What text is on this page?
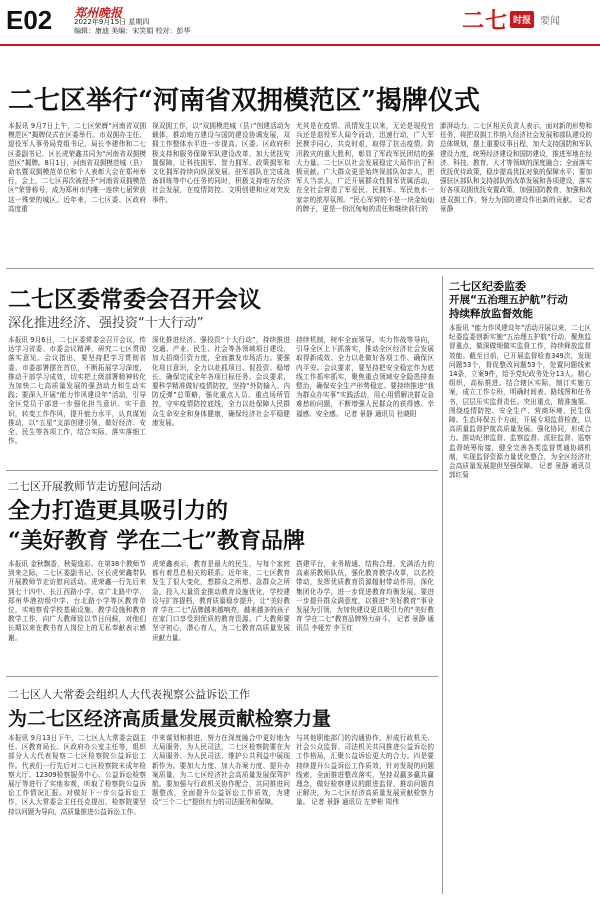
E02 郑州晚报
2022年9月15日 星期四
编辑：康迪 美编：宋笑娟 校对：彭华	二七 时报 要闻
二七区举行“河南省双拥模范区”揭牌仪式
本报讯 9月7日上午，二七区荣膺“河南省双拥模范区”揭牌仪式在区委举行。市双拥办主任、退役军人事务局党组书记、局长李建伟和二七区委副书记、区长虎荣鑫共同为“河南省双拥模范区”揭牌。8月1日，河南省双拥模范城（县）命名暨双拥模范单位和个人表彰大会在郑州举行，会上，二七区再次被授予“河南省双拥模范区”荣誉称号，成为郑州市内唯一连续七届荣获这一殊荣的城区。近年来，二七区委、区政府高度重
视双拥工作，以“双拥模范城（县）”创建活动为载体，推动地方建设与国防建设协调发展，双拥工作整体水平进一步提高。区委、区政府积极支持和服务保障军队建设改革，加大优抚安置保障，让科技拥军、智力拥军、政策拥军和文化拥军持续向纵深发展。驻军部队在完成战备训练等中心任务的同时，积极支持地方经济社会发展，在疫情防控、文明创建和应对突发事件。
尤其是在疫情、汛情发生以来，无论是现役官兵还是退役军人闻令而动，迅速行动，广大军民携手同心，共克时艰，取得了抗击疫情、防汛救灾的重大胜利，彰显了军政军民团结的强大力量。二七区以社会发展稳定大局作出了积极贡献。广大群众更是始终视部队如亲人，把军人当亲人，广泛开展群众性拥军优属活动，在全社会营造了军爱民、民拥军、军民鱼水一家亲的浓厚氛围。“民心军营的不是一块金灿灿的牌子，更是一份沉甸甸的责任和继续前行的
澎湃动力。二七区相关负责人表示，面对新的形势和任务，将把双拥工作纳入经济社会发展和部队建设的总体规划，摆上重要议事日程，加大支持国防和军队建设力度，统筹经济建设和国防建设，推进军地在经济、科技、教育、人才等领域的深度融合；全面落实优抚优待政策，稳步提高优抚对象的保障水平；要加强驻区部队和支持部队的改革发展和各项建设，落实好各项双拥优抚安置政策，加强国防教育，加强和改进双拥工作，努力为国防建设作出新的贡献。 记者 景静
二七区委常委会召开会议
深化推进经济、强投资“十大行动”
本报讯 9月6日，二七区委常委会召开会议，传达学习省委、市委会议精神，研究二七区贯彻落实意见。会议指出，要坚持把学习贯彻省委、市委部署摆在首位，不断拓展学习深度，推动干部学习成效，切实把上级部署精神转化为加快二七高质量发展的强劲动力和生动实践；要深入开展“能力作风建设年”活动，引导全区党员干部进一步强化担当意识、实干意识，转变工作作风，提升能力水平，认真谋划推动，以“五星”支部创建引领，做好经济、安全、民生等各项工作，结合实际，落实落细工作。
深化推进经济、强投资“十大行动”，持续推进交通、产业、民生、社会等各领域项目建设，加大招商引资力度，全面激发市场活力。要强化项目意识，全力以赴抓项目、促投资、稳增长，确保完成全年各项目标任务。会议要求，要科学精准做好疫情防控，坚持“外防输入、内防反弹”总策略，强化重点人员、重点场所管控，守牢疫情防控底线，全力以赴保障人民群众生命安全和身体健康，确保经济社会平稳健康发展。
持续机制，树牢全面领导、实力作战等导向，引导全区上下抓落实，推动全区经济社会发展取得新成效、全力以赴做好各项工作、确保区内平安。会议要求，要坚持把安全稳定作为底线工作抓牢抓实，聚焦重点领域安全隐患排查整治，确保安全生产形势稳定。要持续推进“我为群众办实事”实践活动，用心用情解决群众急难愁盼问题，不断增强人民群众的获得感、幸福感、安全感。 记者 景静 通讯员 杜晓阳
二七区开展教师节走访慰问活动
全力打造更具吸引力的
“美好教育 学在二七”教育品牌
本报讯 金秋飘香，秋菊逸彩。在第38个教师节到来之际，二七区委副书记、区长虎荣鑫带队开展教师节走访慰问活动。虎荣鑫一行先后来到七十四中、长江西路小学、京广北路中学、郑州华港初级中学、台北路小学等区教育单位，实地察看学校基础设施、教学设施和教育教学工作，向广大教师致以节日问候，对他们长期以来在教书育人岗位上的无私奉献表示感谢。
虎荣鑫表示，教育是最大的民生，与每个家庭都有着息息相关的联系。近年来，二七区教育发生了很大变化，想群众之所想、急群众之所急，投入大量资金推动教育设施优化，学校建设与扩容提档，教育质量稳步提升，让“美好教育 学在二七”品牌越来越响亮，越来越多的孩子在家门口享受到优质的教育资源。广大教师要坚守初心，潜心育人，为二七教育高质量发展贡献力量。
搭建平台，业务精通、结构合理、充满活力的高素质教师队伍，强化教育教学改革，以名校带动，发挥优质教育资源辐射带动作用，深化集团化办学，进一步促进教育均衡发展。要进一步提升群众满意度，以推进“美好教育”事业发展为引领，为加快建设更具吸引力的“美好教育 学在二七”教育品牌努力奋斗。 记者 景静 通讯员 李娅芳 李玉红
二七区人大常委会组织人大代表视察公益诉讼工作
为二七区经济高质量发展贡献检察力量
本报讯 9月13日下午，二七区人大常委会副主任、区教育局长、区政府办公室主任等，组织部分人大代表视察二七区检察院公益诉讼工作。代表们一行先后对二七区检察院未成年检察大厅、12309检察服务中心、公益诉讼检察展厅等进行了实地参观，听取了检察院公益诉讼工作情况汇报。对做好下一步公益诉讼工作，区人大常委会主任任克提出，检察院要坚持以问题为导向，高质量推进公益诉讼工作。
中来谋划和推进，努力在深度融合中更好地为大局服务，为人民司法，二七区检察院要在为大局服务、为人民司法、维护公共利益中展现新作为。要加大力度、加大办案力度、提升办案质量，为二七区经济社会高质量发展保驾护航。要加强与行政机关协作配合，共同推进问题整改，全面提升公益诉讼工作质效，为建设“三个二七”提供有力的司法服务和保障。
与其他职能部门的沟通协作，形成行政机关、社会公众监督、司法机关共同推进公益诉讼的工作格局，汇聚公益诉讼更大的合力。四是要持续提升公益诉讼工作质效，针对发现的问题线索，全面推进整改落实，坚持双赢多赢共赢理念，做好检察建议的跟进监督，推动问题真正解决，为二七区经济高质量发展贡献检察力量。 记者 景静 通讯员 左梦彬 周伟
二七区纪委监委
开展“五治理五护航”行动
持续释放监督效能
本报讯 “能力作风建设年”活动开展以来，二七区纪委监委创新实施“五治理五护航”行动，聚焦监督重点，做深做细做实监督工作，持续释放监督效能。截至目前，已开展监督检查349次，发现问题53个，督促整改问题53个，处置问题线索14条，立案9件，给予党纪政务处分13人。精心组织，高标推进。结合辖区实际，制订实施方案，成立工作专班，明确时间表、路线图和任务书，层层压实监督责任。突出重点，精准施策。围绕疫情防控、安全生产、营商环境、民生保障、生态环保五个方面，开展专项监督检查，以高质量监督护航高质量发展。强化协同，形成合力。推动纪律监督、监察监督、派驻监督、巡察监督统筹衔接，健全完善各类监督贯通协调机制，实现监督资源力量优化整合，为全区经济社会高质量发展提供坚强保障。 记者 景静 通讯员 郭红菊
